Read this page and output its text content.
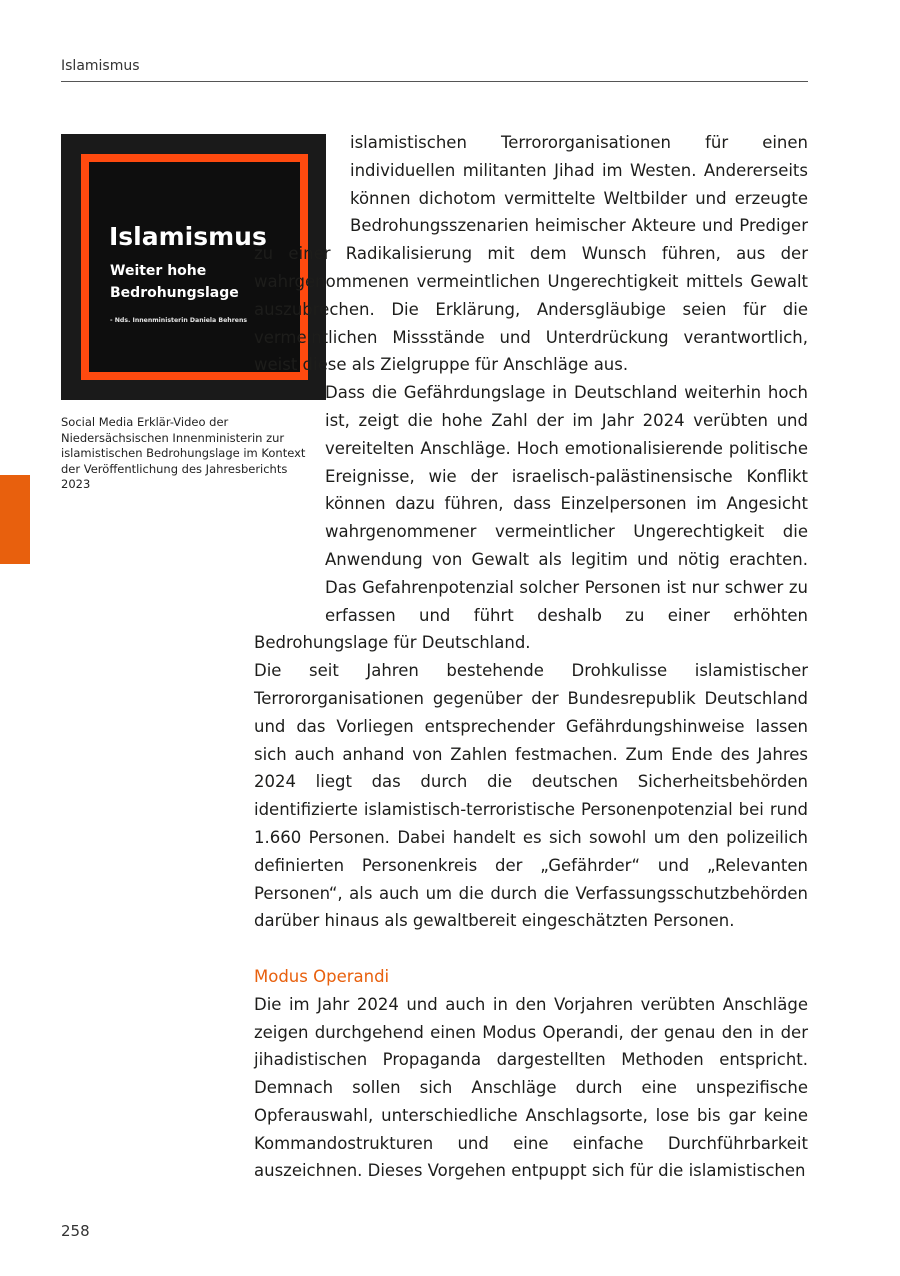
Islamismus
Islamismus
Weiter hohe
Bedrohungslage
- Nds. Innenministerin Daniela Behrens
Social Media Erklär-Video der Niedersächsischen Innenministerin zur islamistischen Bedrohungslage im Kontext der Veröffentlichung des Jahresberichts 2023

islamistischen Terrororganisationen für einen individuellen militanten Jihad im Westen. Andererseits können dichotom vermittelte Weltbilder und erzeugte Bedrohungsszenarien heimischer Akteure und Prediger zu einer Radikalisierung mit dem Wunsch führen, aus der wahrgenommenen vermeintlichen Ungerechtigkeit mittels Gewalt auszubrechen. Die Erklärung, Andersgläubige seien für die vermeintlichen Missstände und Unterdrückung verantwortlich, weist diese als Zielgruppe für Anschläge aus.

Dass die Gefährdungslage in Deutschland weiterhin hoch ist, zeigt die hohe Zahl der im Jahr 2024 verübten und vereitelten Anschläge. Hoch emotionalisierende politische Ereignisse, wie der israelisch-palästinensische Konflikt können dazu führen, dass Einzelpersonen im Angesicht wahrgenommener vermeintlicher Ungerechtigkeit die Anwendung von Gewalt als legitim und nötig erachten. Das Gefahrenpotenzial solcher Personen ist nur schwer zu erfassen und führt deshalb zu einer erhöhten Bedrohungslage für Deutschland.

Die seit Jahren bestehende Drohkulisse islamistischer Terrororganisationen gegenüber der Bundesrepublik Deutschland und das Vorliegen entsprechender Gefährdungshinweise lassen sich auch anhand von Zahlen festmachen. Zum Ende des Jahres 2024 liegt das durch die deutschen Sicherheitsbehörden identifizierte islamistisch-terroristische Personenpotenzial bei rund 1.660 Personen. Dabei handelt es sich sowohl um den polizeilich definierten Personenkreis der „Gefährder“ und „Relevanten Personen“, als auch um die durch die Verfassungsschutzbehörden darüber hinaus als gewaltbereit eingeschätzten Personen.

Modus Operandi

Die im Jahr 2024 und auch in den Vorjahren verübten Anschläge zeigen durchgehend einen Modus Operandi, der genau den in der jihadistischen Propaganda dargestellten Methoden entspricht. Demnach sollen sich Anschläge durch eine unspezifische Opferauswahl, unterschiedliche Anschlagsorte, lose bis gar keine Kommandostrukturen und eine einfache Durchführbarkeit auszeichnen. Dieses Vorgehen entpuppt sich für die islamistischen

258
